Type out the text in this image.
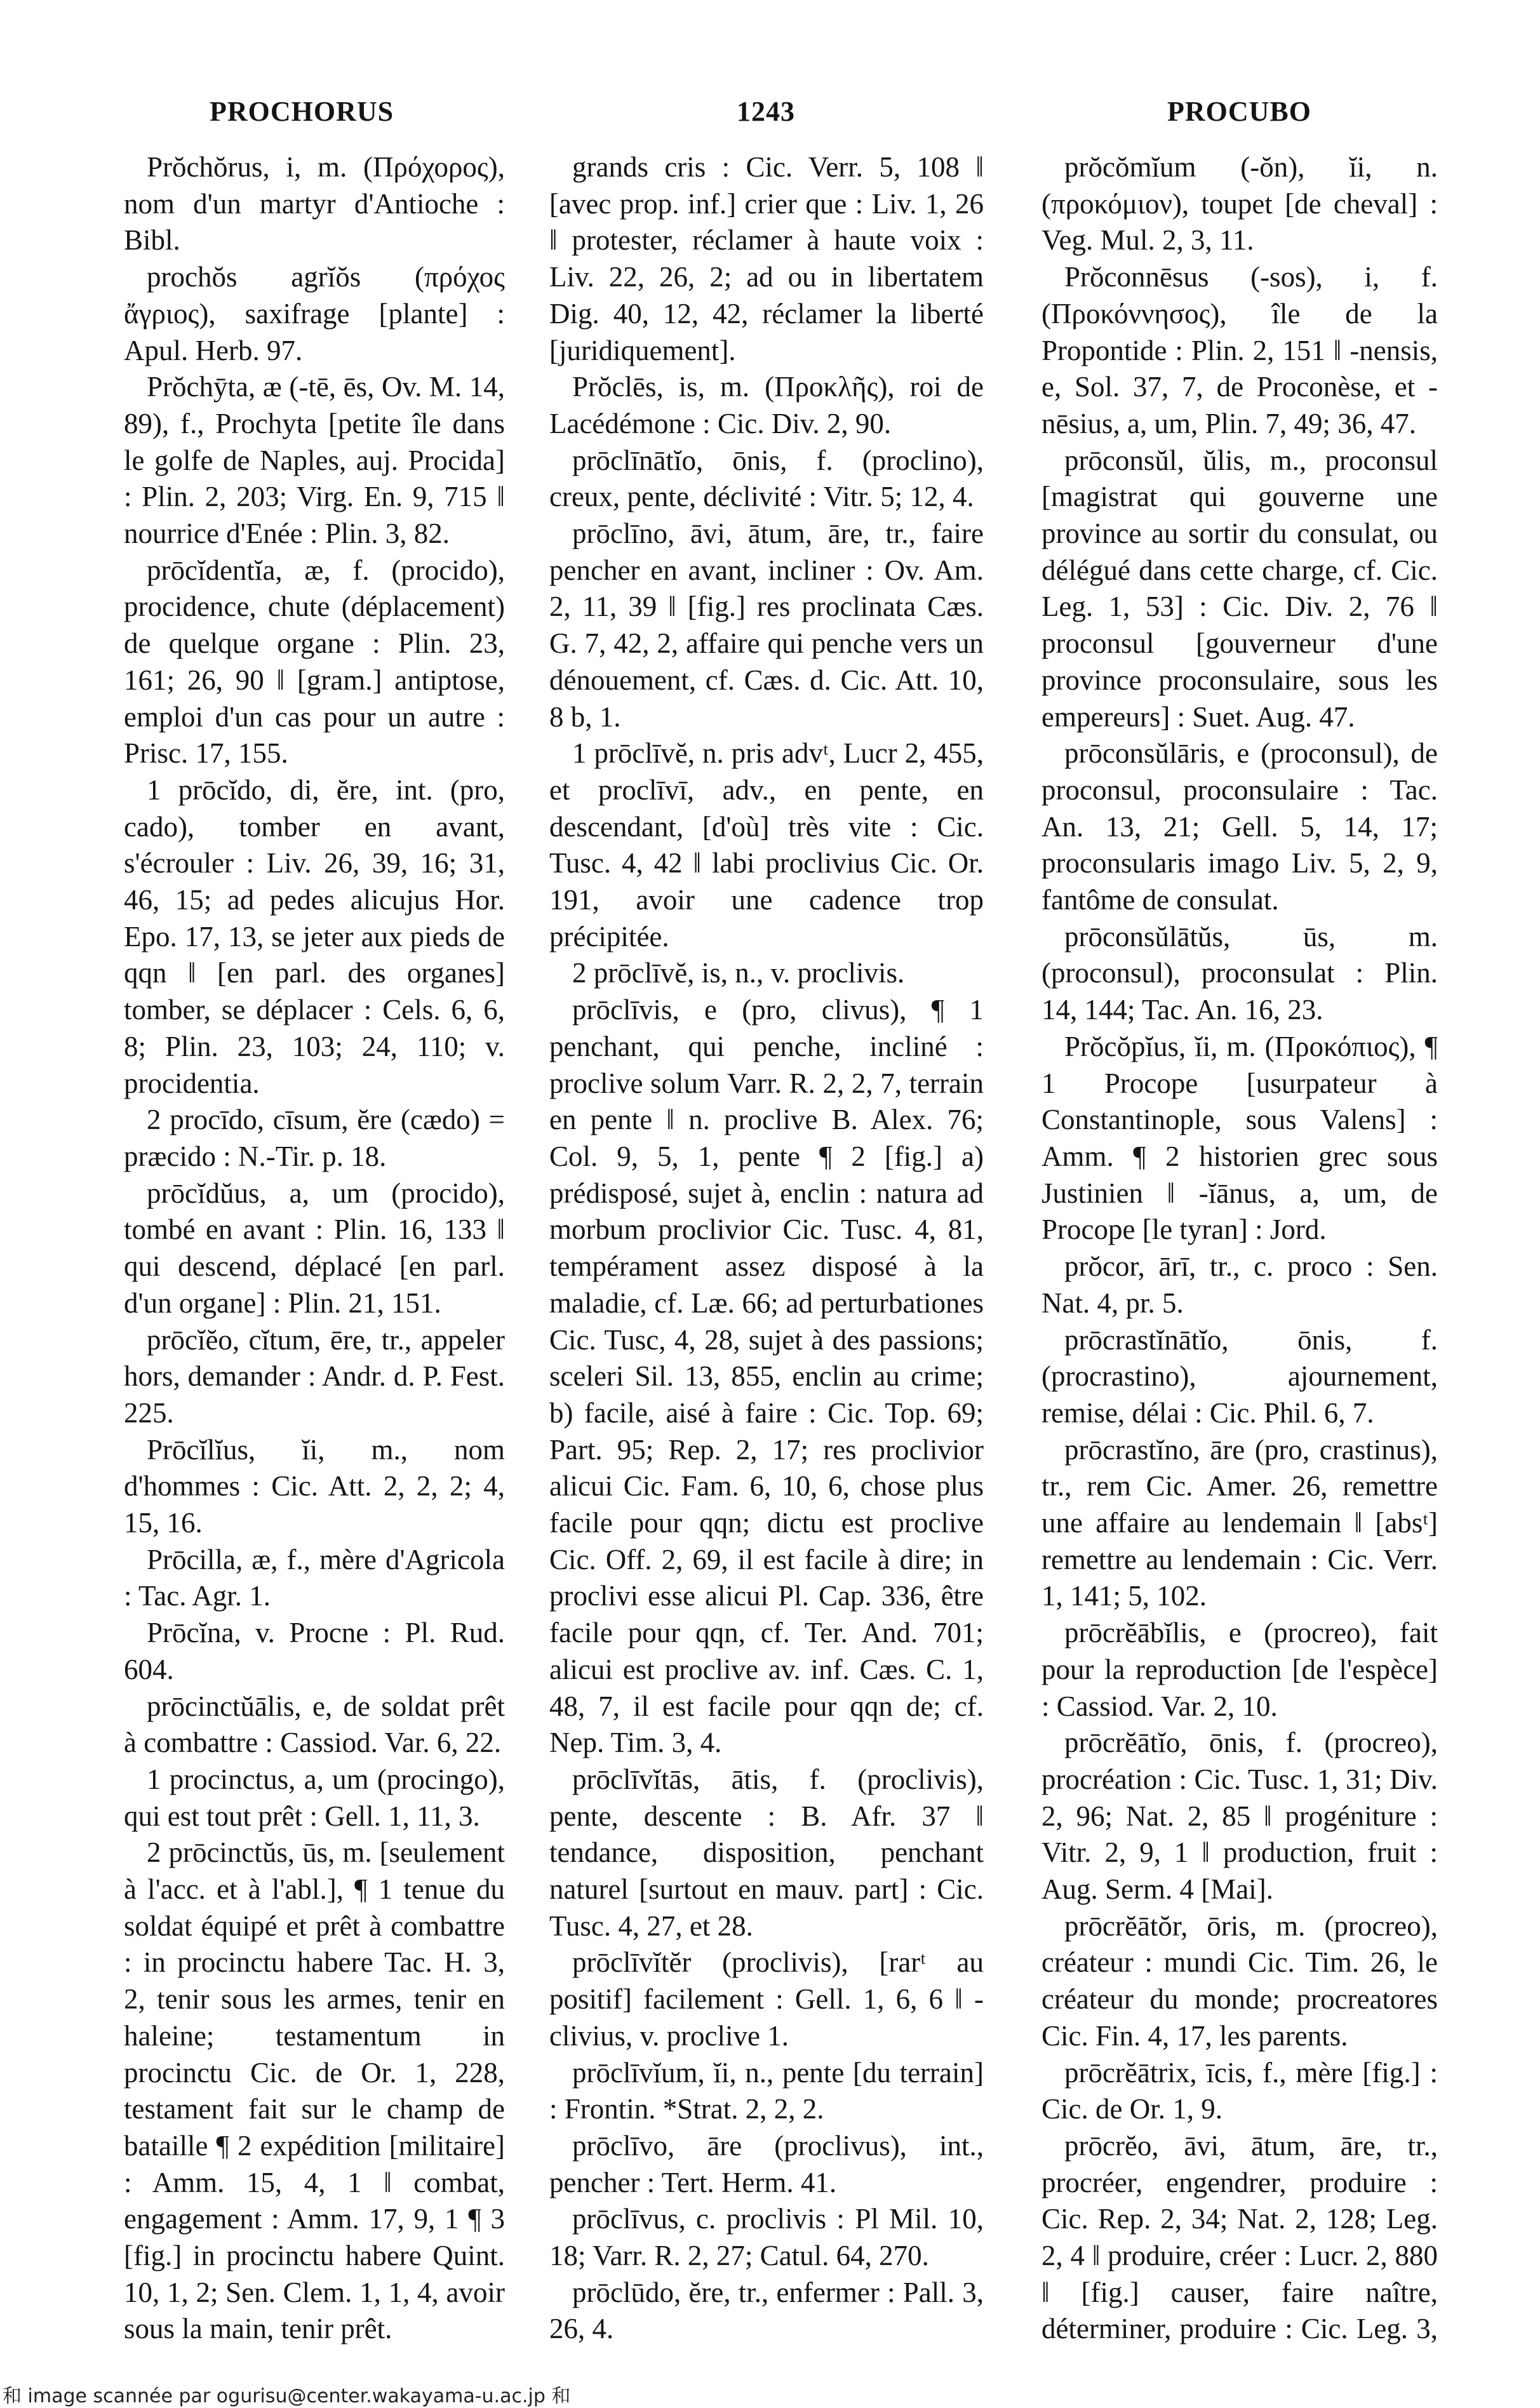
PROCHORUS	1243	PROCUBO

Prŏchŏrus, i, m. (Πρόχορος), nom d'un martyr d'Antioche : Bibl.

prochŏs agrĭŏs (πρόχος ἄγριος), saxifrage [plante] : Apul. Herb. 97.

Prŏchȳta, æ (-tē, ēs, Ov. M. 14, 89), f., Prochyta [petite île dans le golfe de Naples, auj. Procida] : Plin. 2, 203; Virg. En. 9, 715 ‖ nourrice d'Enée : Plin. 3, 82.

prōcĭdentĭa, æ, f. (procido), procidence, chute (déplacement) de quelque organe : Plin. 23, 161; 26, 90 ‖ [gram.] antiptose, emploi d'un cas pour un autre : Prisc. 17, 155.

1 prōcĭdo, di, ĕre, int. (pro, cado), tomber en avant, s'écrouler : Liv. 26, 39, 16; 31, 46, 15; ad pedes alicujus Hor. Epo. 17, 13, se jeter aux pieds de qqn ‖ [en parl. des organes] tomber, se déplacer : Cels. 6, 6, 8; Plin. 23, 103; 24, 110; v. procidentia.

2 procīdo, cīsum, ĕre (cædo) = præcido : N.-Tir. p. 18.

prōcĭdŭus, a, um (procido), tombé en avant : Plin. 16, 133 ‖ qui descend, déplacé [en parl. d'un organe] : Plin. 21, 151.

prōcĭĕo, cĭtum, ēre, tr., appeler hors, demander : Andr. d. P. Fest. 225.

Prōcĭlĭus, ĭi, m., nom d'hommes : Cic. Att. 2, 2, 2; 4, 15, 16.

Prōcilla, æ, f., mère d'Agricola : Tac. Agr. 1.

Prōcĭna, v. Procne : Pl. Rud. 604.

prōcinctŭālis, e, de soldat prêt à combattre : Cassiod. Var. 6, 22.

1 procinctus, a, um (procingo), qui est tout prêt : Gell. 1, 11, 3.

2 prōcinctŭs, ūs, m. [seulement à l'acc. et à l'abl.], ¶ 1 tenue du soldat équipé et prêt à combattre : in procinctu habere Tac. H. 3, 2, tenir sous les armes, tenir en haleine; testamentum in procinctu Cic. de Or. 1, 228, testament fait sur le champ de bataille ¶ 2 expédition [militaire] : Amm. 15, 4, 1 ‖ combat, engagement : Amm. 17, 9, 1 ¶ 3 [fig.] in procinctu habere Quint. 10, 1, 2; Sen. Clem. 1, 1, 4, avoir sous la main, tenir prêt.

grands cris : Cic. Verr. 5, 108 ‖ [avec prop. inf.] crier que : Liv. 1, 26 ‖ protester, réclamer à haute voix : Liv. 22, 26, 2; ad ou in libertatem Dig. 40, 12, 42, réclamer la liberté [juridiquement].

Prŏclēs, is, m. (Προκλῆς), roi de Lacédémone : Cic. Div. 2, 90.

prōclīnātĭo, ōnis, f. (proclino), creux, pente, déclivité : Vitr. 5; 12, 4.

prōclīno, āvi, ātum, āre, tr., faire pencher en avant, incliner : Ov. Am. 2, 11, 39 ‖ [fig.] res proclinata Cæs. G. 7, 42, 2, affaire qui penche vers un dénouement, cf. Cæs. d. Cic. Att. 10, 8 b, 1.

1 prōclīvĕ, n. pris advᵗ, Lucr 2, 455, et proclīvī, adv., en pente, en descendant, [d'où] très vite : Cic. Tusc. 4, 42 ‖ labi proclivius Cic. Or. 191, avoir une cadence trop précipitée.

2 prōclīvĕ, is, n., v. proclivis.

prōclīvis, e (pro, clivus), ¶ 1 penchant, qui penche, incliné : proclive solum Varr. R. 2, 2, 7, terrain en pente ‖ n. proclive B. Alex. 76; Col. 9, 5, 1, pente ¶ 2 [fig.] a) prédisposé, sujet à, enclin : natura ad morbum proclivior Cic. Tusc. 4, 81, tempérament assez disposé à la maladie, cf. Læ. 66; ad perturbationes Cic. Tusc, 4, 28, sujet à des passions; sceleri Sil. 13, 855, enclin au crime; b) facile, aisé à faire : Cic. Top. 69; Part. 95; Rep. 2, 17; res proclivior alicui Cic. Fam. 6, 10, 6, chose plus facile pour qqn; dictu est proclive Cic. Off. 2, 69, il est facile à dire; in proclivi esse alicui Pl. Cap. 336, être facile pour qqn, cf. Ter. And. 701; alicui est proclive av. inf. Cæs. C. 1, 48, 7, il est facile pour qqn de; cf. Nep. Tim. 3, 4.

prōclīvĭtās, ātis, f. (proclivis), pente, descente : B. Afr. 37 ‖ tendance, disposition, penchant naturel [surtout en mauv. part] : Cic. Tusc. 4, 27, et 28.

prōclīvĭtĕr (proclivis), [rarᵗ au positif] facilement : Gell. 1, 6, 6 ‖ -clivius, v. proclive 1.

prōclīvĭum, ĭi, n., pente [du terrain] : Frontin. *Strat. 2, 2, 2.

prōclīvo, āre (proclivus), int., pencher : Tert. Herm. 41.

prōclīvus, c. proclivis : Pl Mil. 10, 18; Varr. R. 2, 27; Catul. 64, 270.

prōclūdo, ĕre, tr., enfermer : Pall. 3, 26, 4.

prŏcŏmĭum (-ŏn), ĭi, n. (προκόμιον), toupet [de cheval] : Veg. Mul. 2, 3, 11.

Prŏconnēsus (-sos), i, f. (Προκόννησος), île de la Propontide : Plin. 2, 151 ‖ -nensis, e, Sol. 37, 7, de Proconèse, et -nēsius, a, um, Plin. 7, 49; 36, 47.

prōconsŭl, ŭlis, m., proconsul [magistrat qui gouverne une province au sortir du consulat, ou délégué dans cette charge, cf. Cic. Leg. 1, 53] : Cic. Div. 2, 76 ‖ proconsul [gouverneur d'une province proconsulaire, sous les empereurs] : Suet. Aug. 47.

prōconsŭlāris, e (proconsul), de proconsul, proconsulaire : Tac. An. 13, 21; Gell. 5, 14, 17; proconsularis imago Liv. 5, 2, 9, fantôme de consulat.

prōconsŭlātŭs, ūs, m. (proconsul), proconsulat : Plin. 14, 144; Tac. An. 16, 23.

Prŏcŏpĭus, ĭi, m. (Προκόπιος), ¶ 1 Procope [usurpateur à Constantinople, sous Valens] : Amm. ¶ 2 historien grec sous Justinien ‖ -ĭānus, a, um, de Procope [le tyran] : Jord.

prŏcor, ārī, tr., c. proco : Sen. Nat. 4, pr. 5.

prōcrastĭnātĭo, ōnis, f. (procrastino), ajournement, remise, délai : Cic. Phil. 6, 7.

prōcrastĭno, āre (pro, crastinus), tr., rem Cic. Amer. 26, remettre une affaire au lendemain ‖ [absᵗ] remettre au lendemain : Cic. Verr. 1, 141; 5, 102.

prōcrĕābĭlis, e (procreo), fait pour la reproduction [de l'espèce] : Cassiod. Var. 2, 10.

prōcrĕātĭo, ōnis, f. (procreo), procréation : Cic. Tusc. 1, 31; Div. 2, 96; Nat. 2, 85 ‖ progéniture : Vitr. 2, 9, 1 ‖ production, fruit : Aug. Serm. 4 [Mai].

prōcrĕātŏr, ōris, m. (procreo), créateur : mundi Cic. Tim. 26, le créateur du monde; procreatores Cic. Fin. 4, 17, les parents.

prōcrĕātrix, īcis, f., mère [fig.] : Cic. de Or. 1, 9.

prōcrĕo, āvi, ātum, āre, tr., procréer, engendrer, produire : Cic. Rep. 2, 34; Nat. 2, 128; Leg. 2, 4 ‖ produire, créer : Lucr. 2, 880 ‖ [fig.] causer, faire naître, déterminer, produire : Cic. Leg. 3,

和 image scannée par ogurisu@center.wakayama-u.ac.jp 和
